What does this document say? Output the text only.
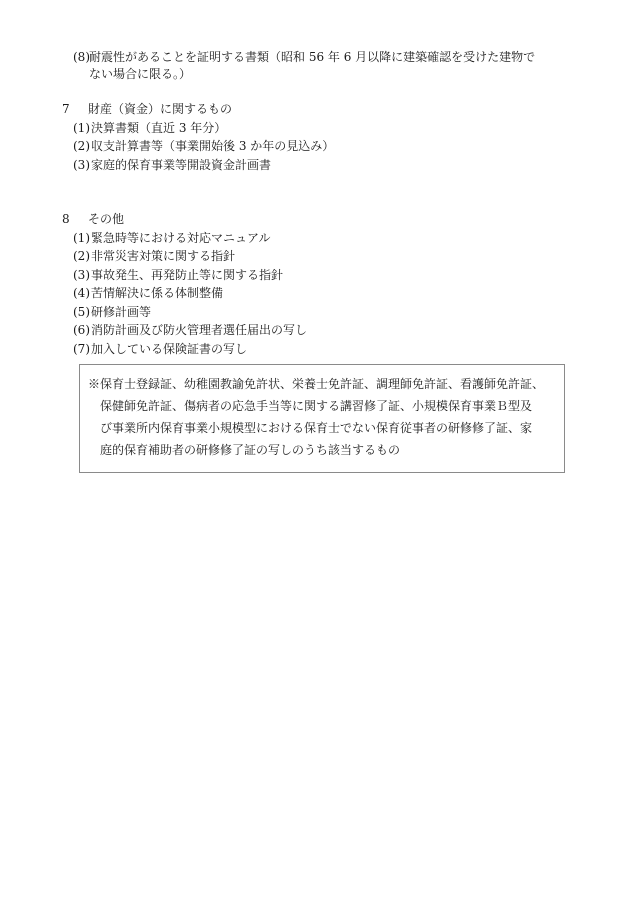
(8) 耐震性があることを証明する書類（昭和 56 年 6 月以降に建築確認を受けた建物で
ない場合に限る。）
7	財産（資金）に関するもの
(1) 決算書類（直近 3 年分）
(2) 収支計算書等（事業開始後 3 か年の見込み）
(3) 家庭的保育事業等開設資金計画書
8	その他
(1) 緊急時等における対応マニュアル
(2) 非常災害対策に関する指針
(3) 事故発生、再発防止等に関する指針
(4) 苦情解決に係る体制整備
(5) 研修計画等
(6) 消防計画及び防火管理者選任届出の写し
(7) 加入している保険証書の写し
※保育士登録証、幼稚園教諭免許状、栄養士免許証、調理師免許証、看護師免許証、
保健師免許証、傷病者の応急手当等に関する講習修了証、小規模保育事業Ｂ型及
び事業所内保育事業小規模型における保育士でない保育従事者の研修修了証、家
庭的保育補助者の研修修了証の写しのうち該当するもの
